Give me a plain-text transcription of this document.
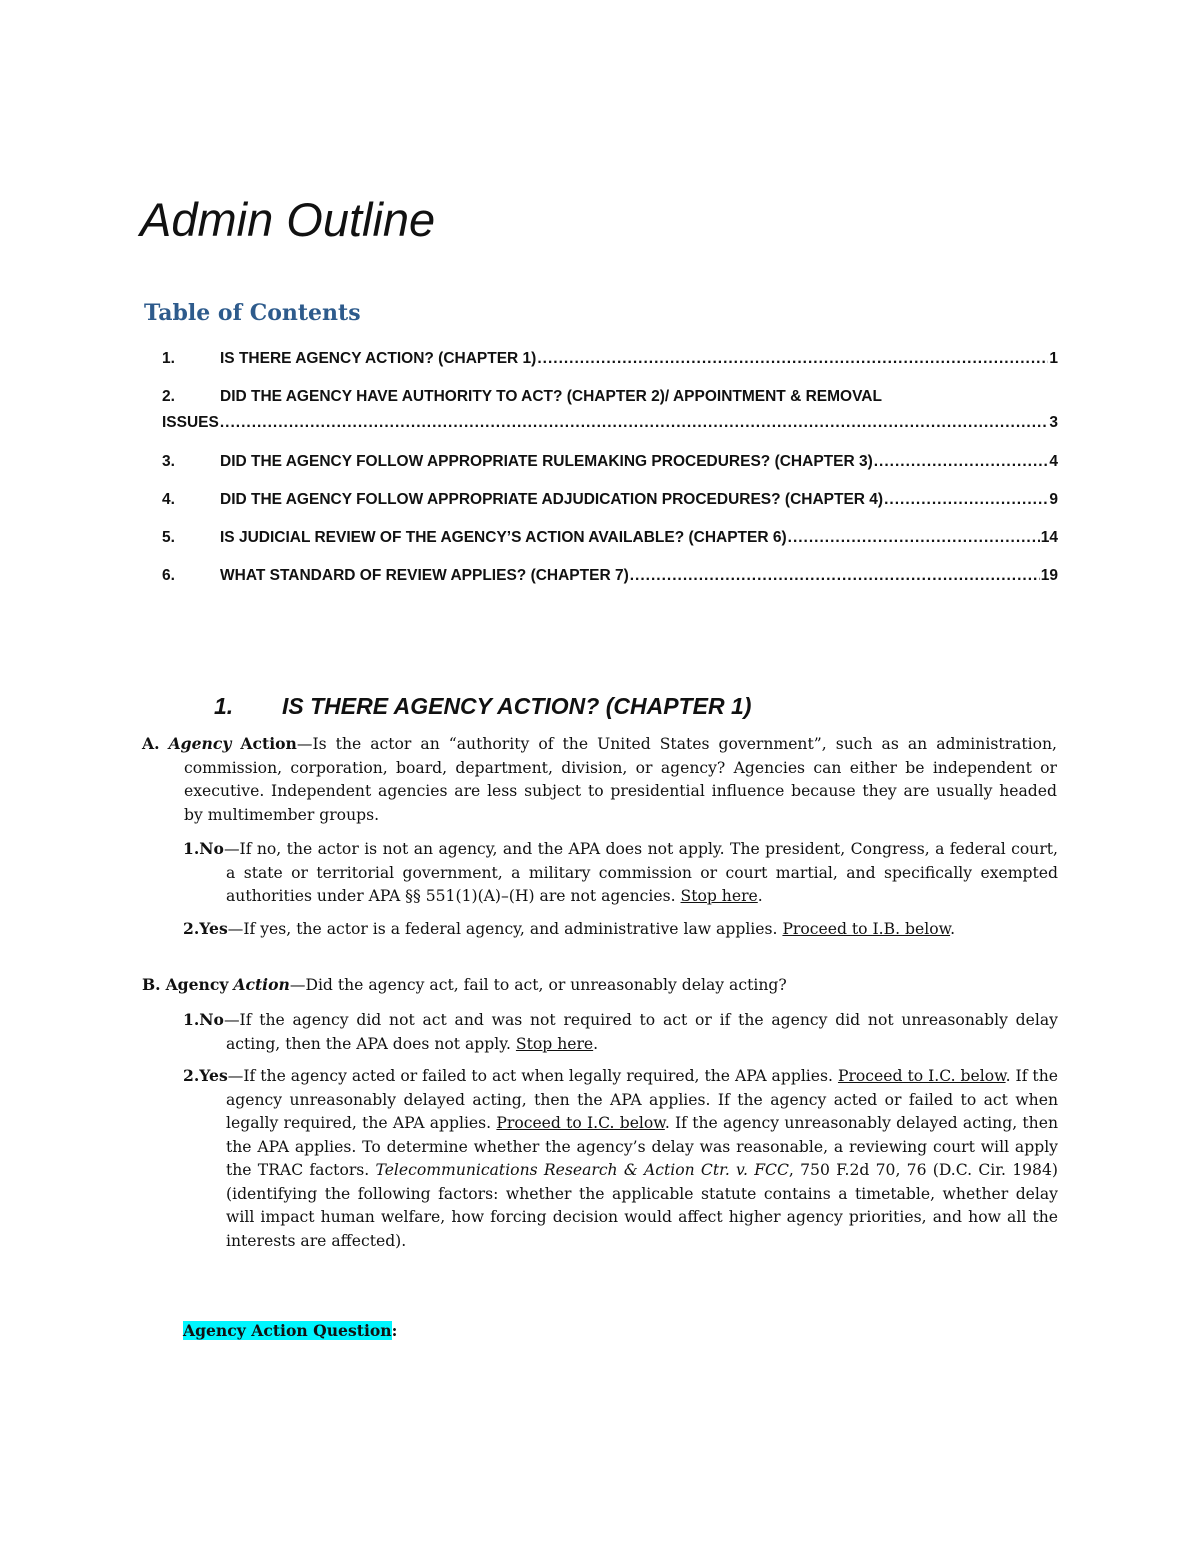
Admin Outline
Table of Contents
1.	IS THERE AGENCY ACTION? (CHAPTER 1) .....	1
2.	DID THE AGENCY HAVE AUTHORITY TO ACT? (CHAPTER 2)/ APPOINTMENT & REMOVAL
ISSUES .....	3
3.	DID THE AGENCY FOLLOW APPROPRIATE RULEMAKING PROCEDURES? (CHAPTER 3) .....	4
4.	DID THE AGENCY FOLLOW APPROPRIATE ADJUDICATION PROCEDURES? (CHAPTER 4) .....	9
5.	IS JUDICIAL REVIEW OF THE AGENCY’S ACTION AVAILABLE? (CHAPTER 6) .....	14
6.	WHAT STANDARD OF REVIEW APPLIES? (CHAPTER 7) .....	19
1. IS THERE AGENCY ACTION? (CHAPTER 1)

A. Agency Action—Is the actor an “authority of the United States government”, such as an administration, commission, corporation, board, department, division, or agency? Agencies can either be independent or executive. Independent agencies are less subject to presidential influence because they are usually headed by multimember groups.

1.No—If no, the actor is not an agency, and the APA does not apply. The president, Congress, a federal court, a state or territorial government, a military commission or court martial, and specifically exempted authorities under APA §§ 551(1)(A)–(H) are not agencies. Stop here.

2.Yes—If yes, the actor is a federal agency, and administrative law applies. Proceed to I.B. below.

B. Agency Action—Did the agency act, fail to act, or unreasonably delay acting?

1.No—If the agency did not act and was not required to act or if the agency did not unreasonably delay acting, then the APA does not apply. Stop here.

2.Yes—If the agency acted or failed to act when legally required, the APA applies. Proceed to I.C. below. If the agency unreasonably delayed acting, then the APA applies. If the agency acted or failed to act when legally required, the APA applies. Proceed to I.C. below. If the agency unreasonably delayed acting, then the APA applies. To determine whether the agency’s delay was reasonable, a reviewing court will apply the TRAC factors. Telecommunications Research & Action Ctr. v. FCC, 750 F.2d 70, 76 (D.C. Cir. 1984) (identifying the following factors: whether the applicable statute contains a timetable, whether delay will impact human welfare, how forcing decision would affect higher agency priorities, and how all the interests are affected).

Agency Action Question:
